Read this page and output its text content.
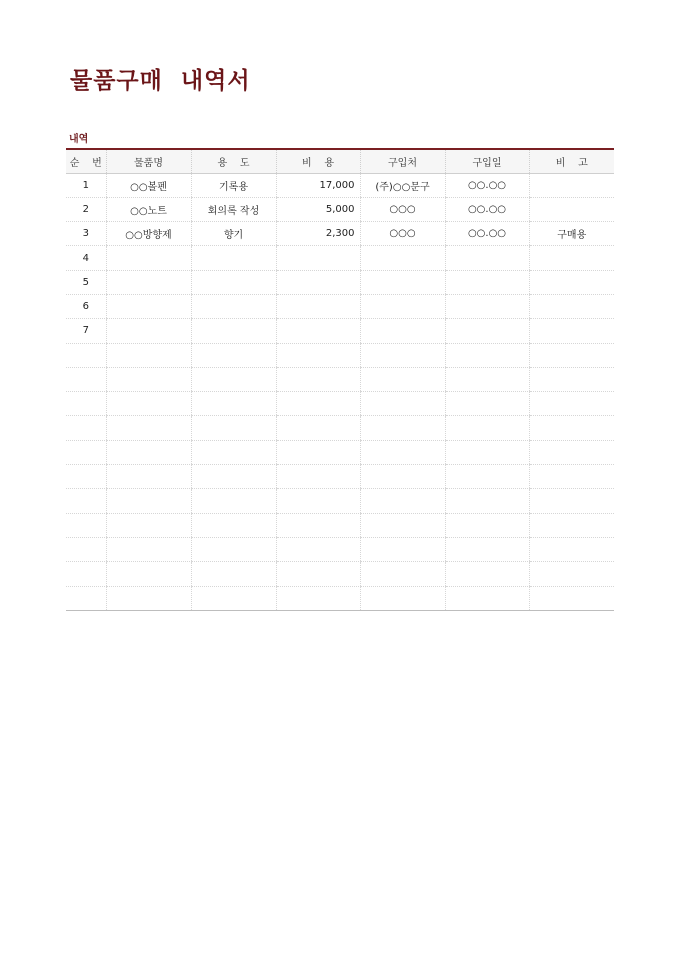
물품구매  내역서
내역
순    번	물품명	용    도	비    용	구입처	구입일	비    고
1	○○볼펜	기록용	17,000	(주)○○문구	○○.○○	
2	○○노트	회의록 작성	5,000	○○○	○○.○○	
3	○○방향제	향기	2,300	○○○	○○.○○	구매용
4						
5						
6						
7						
